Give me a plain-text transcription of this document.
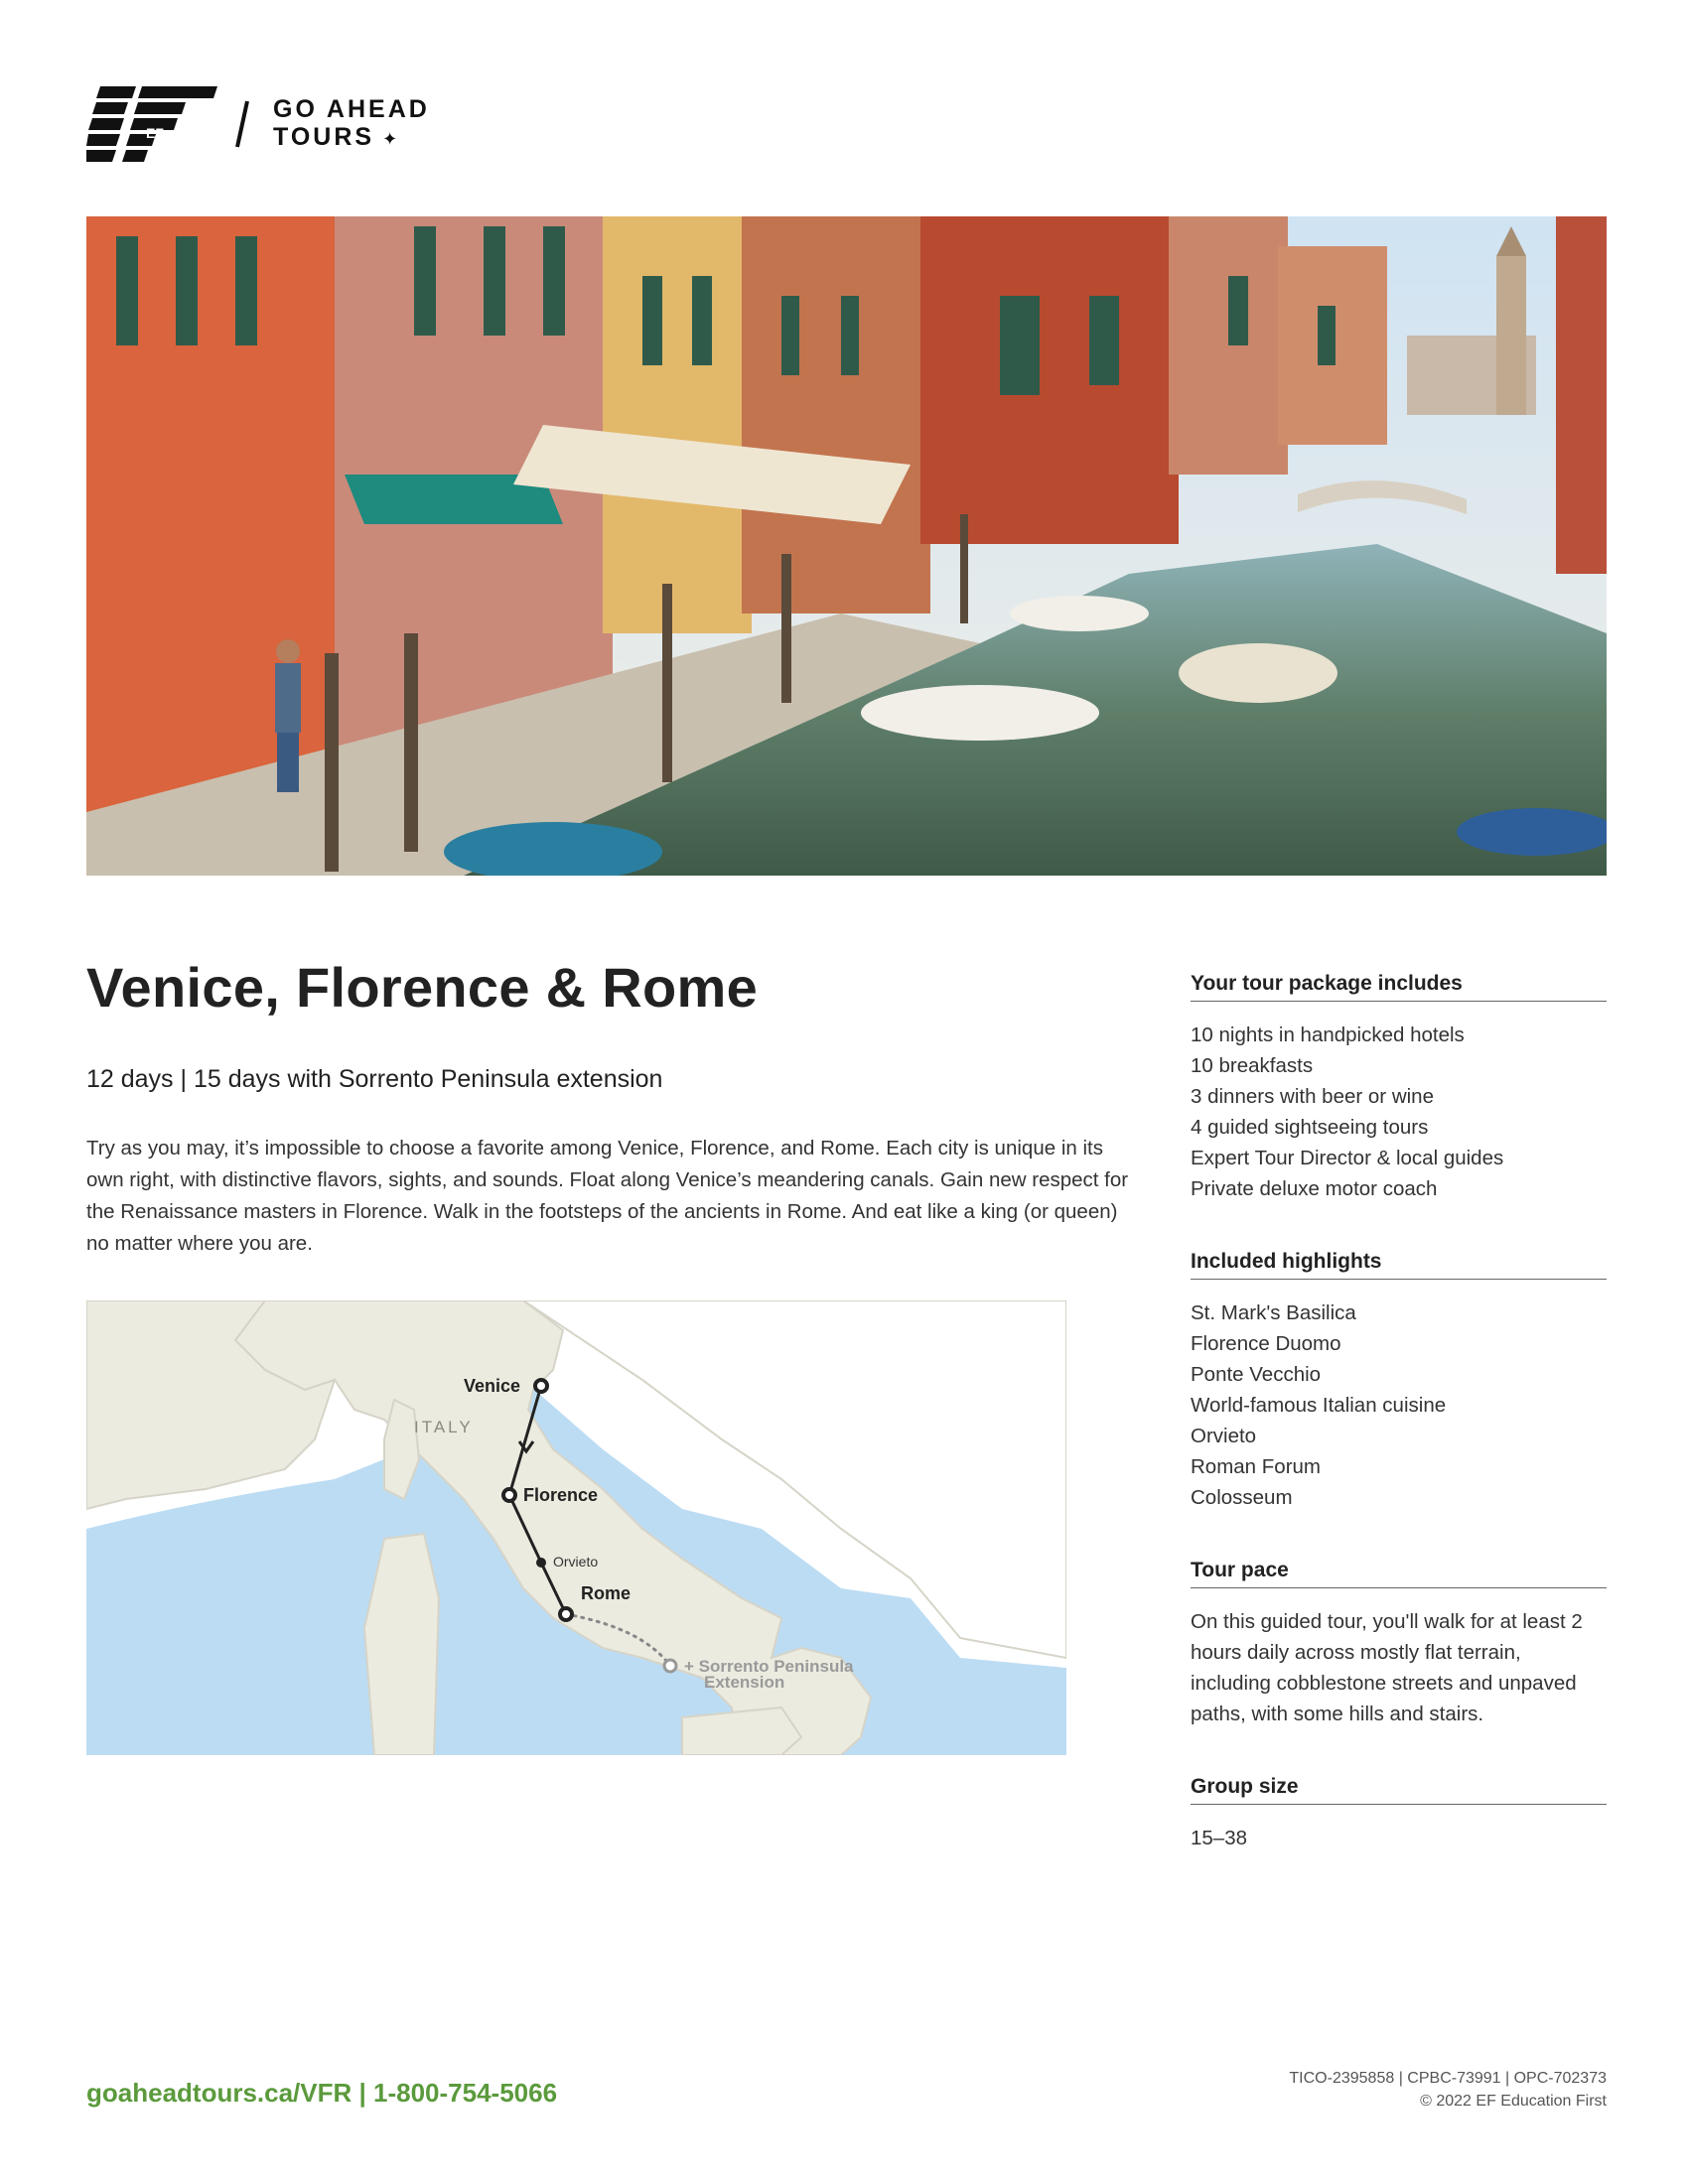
EF
GO AHEAD
TOURS ✦
Venice, Florence & Rome

12 days | 15 days with Sorrento Peninsula extension

Try as you may, it’s impossible to choose a favorite among Venice, Florence, and Rome. Each city is unique in its own right, with distinctive flavors, sights, and sounds. Float along Venice’s meandering canals. Gain new respect for the Renaissance masters in Florence. Walk in the footsteps of the ancients in Rome. And eat like a king (or queen) no matter where you are.

ITALY
Venice
Florence
Orvieto
Rome
+ Sorrento Peninsula
Extension
Your tour package includes
10 nights in handpicked hotels
10 breakfasts
3 dinners with beer or wine
4 guided sightseeing tours
Expert Tour Director & local guides
Private deluxe motor coach
Included highlights
St. Mark's Basilica
Florence Duomo
Ponte Vecchio
World-famous Italian cuisine
Orvieto
Roman Forum
Colosseum
Tour pace

On this guided tour, you'll walk for at least 2 hours daily across mostly flat terrain, including cobblestone streets and unpaved paths, with some hills and stairs.

Group size

15–38

goaheadtours.ca/VFR | 1-800-754-5066	TICO-2395858 | CPBC-73991 | OPC-702373
© 2022 EF Education First
